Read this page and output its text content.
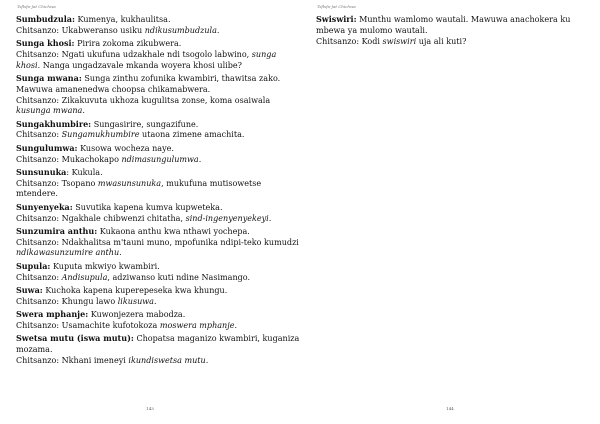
Tsflsfa-Jat Chichwa

Sumbudzula: Kumenya, kukhaulitsa.

Chitsanzo: Ukabweranso usiku ndikusumbudzula.

Sunga khosi: Pirira zokoma zikubwera.

Chitsanzo: Ngati ukufuna udzakhale ndi tsogolo labwino, sunga khosi. Nanga ungadzavale mkanda woyera khosi ulibe?

Sunga mwana: Sunga zinthu zofunika kwambiri, thawitsa zako. Mawuwa amanenedwa choopsa chikamabwera.

Chitsanzo: Zikakuvuta ukhoza kugulitsa zonse, koma osaiwala kusunga mwana.

Sungakhumbire: Sungasirire, sungazifune.

Chitsanzo: Sungamukhumbire utaona zimene amachita.

Sungulumwa: Kusowa wocheza naye.

Chitsanzo: Mukachokapo ndimasungulumwa.

Sunsunuka: Kukula.

Chitsanzo: Tsopano mwasunsunuka, mukufuna mutisowetse mtendere.

Sunyenyeka: Suvutika kapena kumva kupweteka.

Chitsanzo: Ngakhale chibwenzi chitatha, sind-ingenyenyekeyi.

Sunzumira anthu: Kukaona anthu kwa nthawi yochepa.

Chitsanzo: Ndakhalitsa m'tauni muno, mpofunika ndipi-teko kumudzi ndikawasunzumire anthu.

Supula: Kuputa mkwiyo kwambiri.

Chitsanzo: Andisupula, adziwanso kuti ndine Nasimango.

Suwa: Kuchoka kapena kuperepeseka kwa khungu.

Chitsanzo: Khungu lawo likusuwa.

Swera mphanje: Kuwonjezera mabodza.

Chitsanzo: Usamachite kufotokoza moswera mphanje.

Swetsa mutu (iswa mutu): Chopatsa maganizo kwambiri, kuganiza mozama.

Chitsanzo: Nkhani imeneyi ikundiswetsa mutu.

143
Tsflsfa-Jat Chichwa

Swiswiri: Munthu wamlomo wautali. Mawuwa anachokera ku mbewa ya mulomo wautali.

Chitsanzo: Kodi swiswiri uja ali kuti?

144
